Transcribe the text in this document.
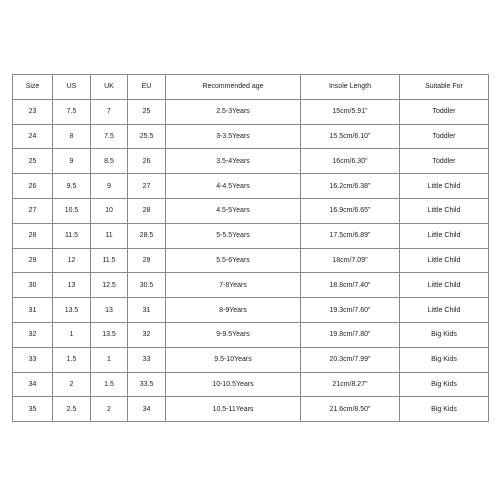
Size	US	UK	EU	Recommended age	Insole Length	Suitable For
23	7.5	7	25	2.5-3Years	15cm/5.91"	Toddler
24	8	7.5	25.5	3-3.5Years	15.5cm/6.10"	Toddler
25	9	8.5	26	3.5-4Years	16cm/6.30"	Toddler
26	9.5	9	27	4-4.5Years	16.2cm/6.38"	Little Child
27	10.5	10	28	4.5-5Years	16.9cm/6.65"	Little Child
28	11.5	11	28.5	5-5.5Years	17.5cm/6.89"	Little Child
29	12	11.5	29	5.5-6Years	18cm/7.09"	Little Child
30	13	12.5	30.5	7-8Years	18.8cm/7.40"	Little Child
31	13.5	13	31	8-9Years	19.3cm/7.60"	Little Child
32	1	13.5	32	9-9.5Years	19.8cm/7.80"	Big Kids
33	1.5	1	33	9.5-10Years	20.3cm/7.99"	Big Kids
34	2	1.5	33.5	10-10.5Years	21cm/8.27"	Big Kids
35	2.5	2	34	10.5-11Years	21.6cm/8.50"	Big Kids
